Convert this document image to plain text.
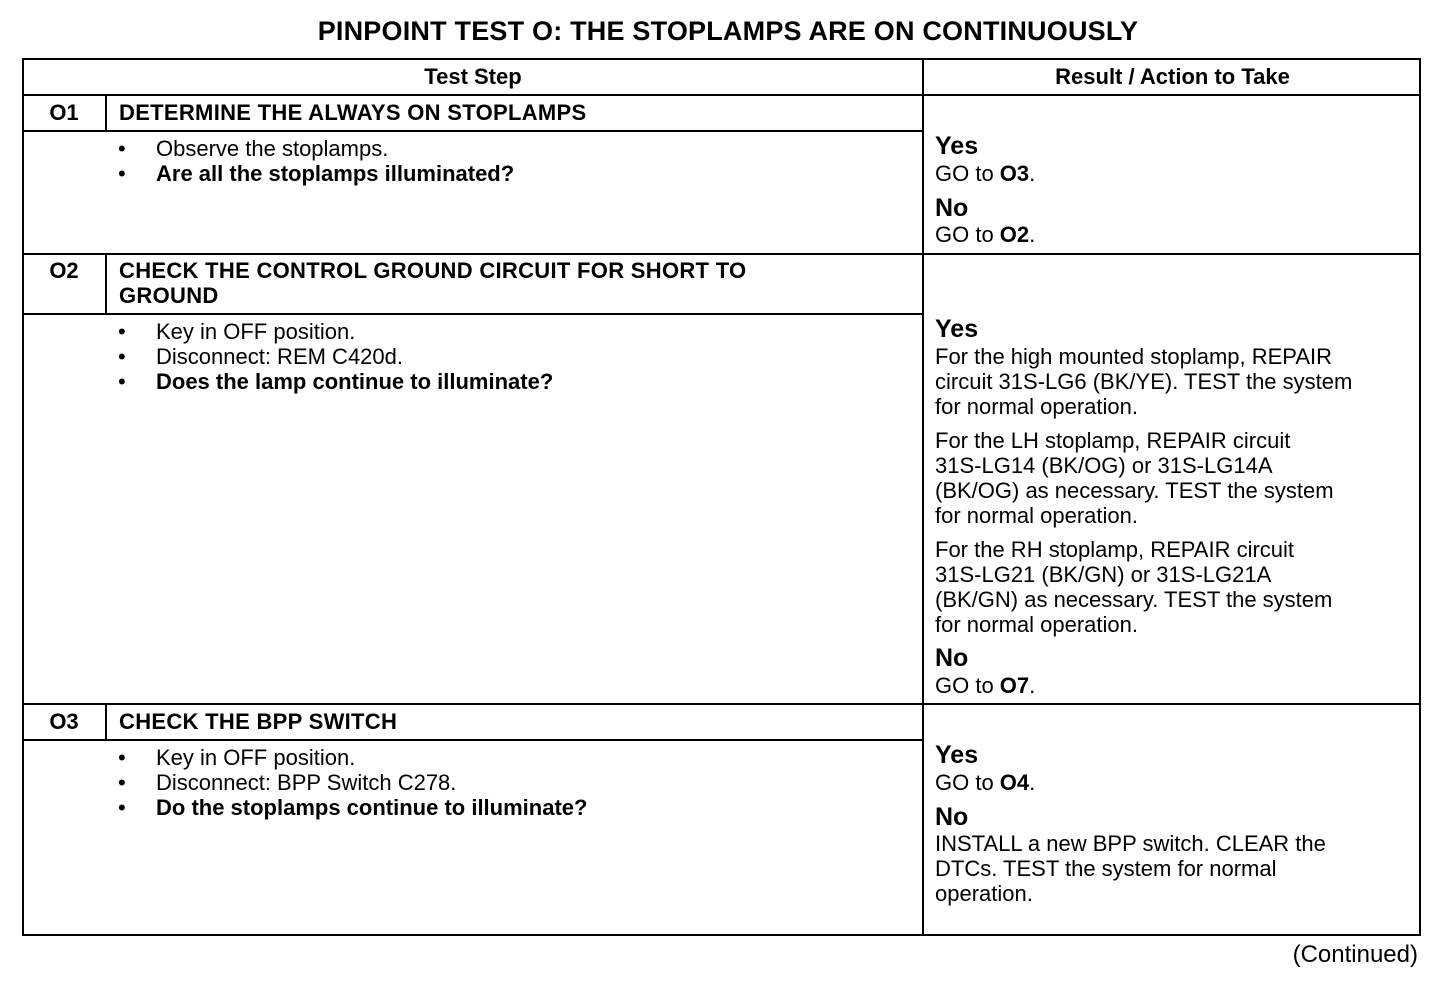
PINPOINT TEST O: THE STOPLAMPS ARE ON CONTINUOUSLY
Test Step	Result / Action to Take
O1	DETERMINE THE ALWAYS ON STOPLAMPS
• Observe the stoplamps.
• Are all the stoplamps illuminated?
Yes
GO to O3.
No
GO to O2.
O2	CHECK THE CONTROL GROUND CIRCUIT FOR SHORT TO
GROUND
• Key in OFF position.
• Disconnect: REM C420d.
• Does the lamp continue to illuminate?
Yes
For the high mounted stoplamp, REPAIR
circuit 31S-LG6 (BK/YE). TEST the system
for normal operation.
For the LH stoplamp, REPAIR circuit
31S-LG14 (BK/OG) or 31S-LG14A
(BK/OG) as necessary. TEST the system
for normal operation.
For the RH stoplamp, REPAIR circuit
31S-LG21 (BK/GN) or 31S-LG21A
(BK/GN) as necessary. TEST the system
for normal operation.
No
GO to O7.
O3	CHECK THE BPP SWITCH
• Key in OFF position.
• Disconnect: BPP Switch C278.
• Do the stoplamps continue to illuminate?
Yes
GO to O4.
No
INSTALL a new BPP switch. CLEAR the
DTCs. TEST the system for normal
operation.
(Continued)
